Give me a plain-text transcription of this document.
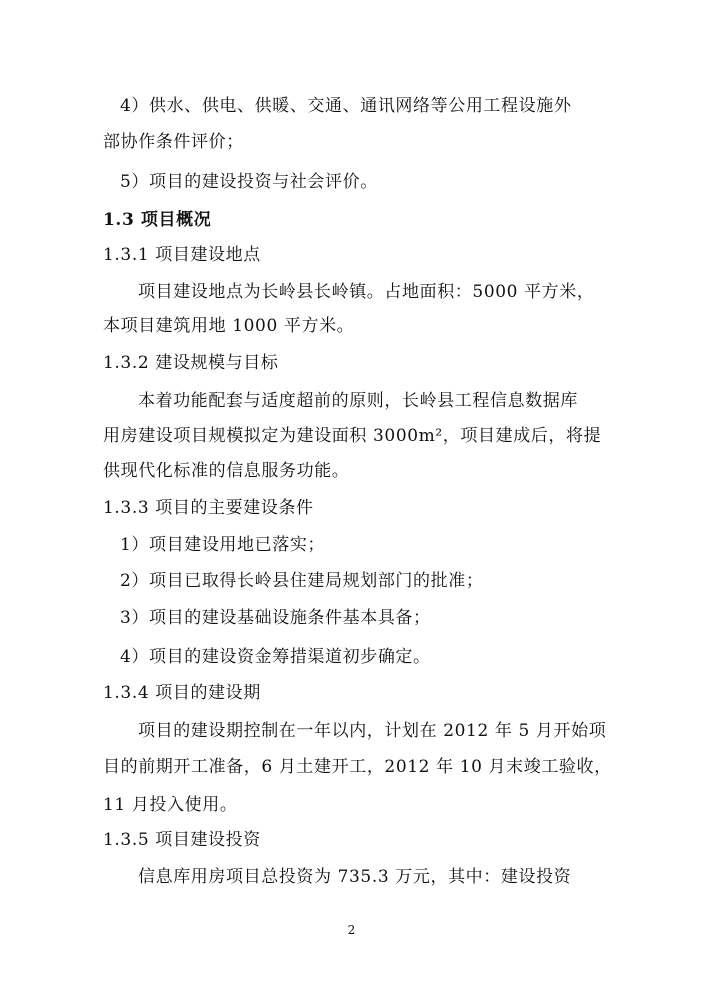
4）供水、供电、供暖、交通、通讯网络等公用工程设施外
部协作条件评价；
5）项目的建设投资与社会评价。
1.3 项目概况
1.3.1 项目建设地点
项目建设地点为长岭县长岭镇。占地面积：5000 平方米，
本项目建筑用地 1000 平方米。
1.3.2 建设规模与目标
本着功能配套与适度超前的原则，长岭县工程信息数据库
用房建设项目规模拟定为建设面积 3000m²，项目建成后，将提
供现代化标准的信息服务功能。
1.3.3 项目的主要建设条件
1）项目建设用地已落实；
2）项目已取得长岭县住建局规划部门的批准；
3）项目的建设基础设施条件基本具备；
4）项目的建设资金筹措渠道初步确定。
1.3.4 项目的建设期
项目的建设期控制在一年以内，计划在 2012 年 5 月开始项
目的前期开工准备，6 月土建开工，2012 年 10 月末竣工验收，
11 月投入使用。
1.3.5 项目建设投资
信息库用房项目总投资为 735.3 万元，其中：建设投资
2
